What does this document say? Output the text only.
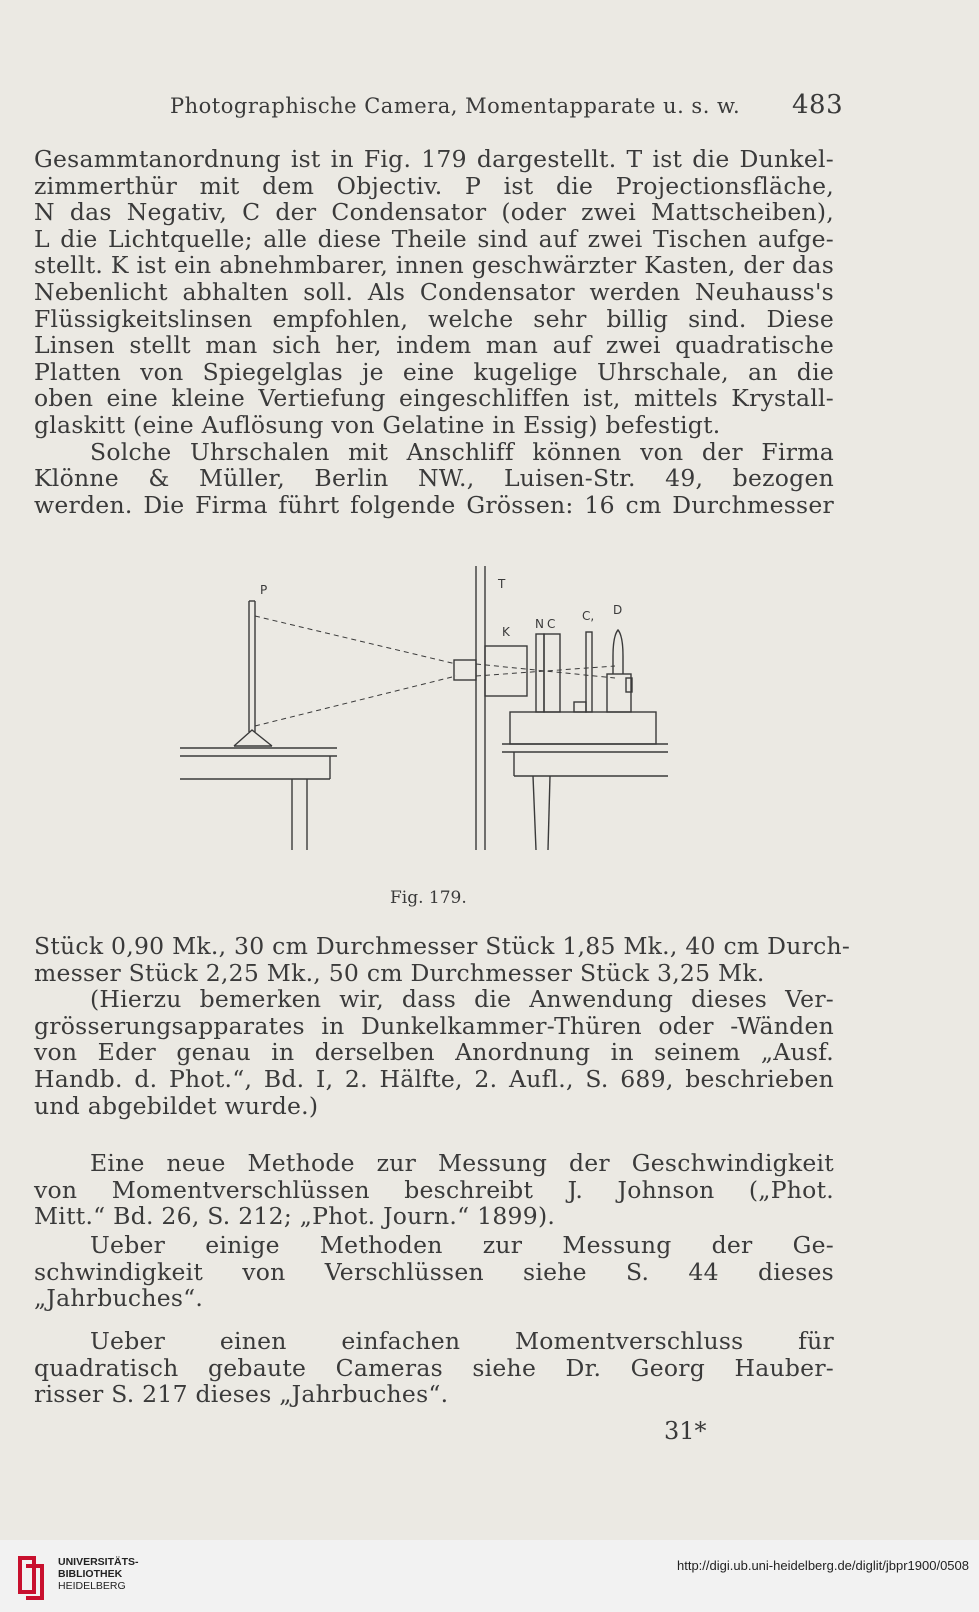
Photographische Camera, Momentapparate u. s. w. 483
Gesammtanordnung ist in Fig. 179 dargestellt. T ist die Dunkel-
zimmerthür mit dem Objectiv. P ist die Projectionsfläche,
N das Negativ, C der Condensator (oder zwei Mattscheiben),
L die Lichtquelle; alle diese Theile sind auf zwei Tischen aufge-
stellt. K ist ein abnehmbarer, innen geschwärzter Kasten, der das
Nebenlicht abhalten soll. Als Condensator werden Neuhauss's
Flüssigkeitslinsen empfohlen, welche sehr billig sind. Diese
Linsen stellt man sich her, indem man auf zwei quadratische
Platten von Spiegelglas je eine kugelige Uhrschale, an die
oben eine kleine Vertiefung eingeschliffen ist, mittels Krystall-
glaskitt (eine Auflösung von Gelatine in Essig) befestigt.
Solche Uhrschalen mit Anschliff können von der Firma
Klönne & Müller, Berlin NW., Luisen-Str. 49, bezogen
werden. Die Firma führt folgende Grössen: 16 cm Durchmesser
P	T
K
N C
C, D
Fig. 179.
Stück 0,90 Mk., 30 cm Durchmesser Stück 1,85 Mk., 40 cm Durch-
messer Stück 2,25 Mk., 50 cm Durchmesser Stück 3,25 Mk.
(Hierzu bemerken wir, dass die Anwendung dieses Ver-
grösserungsapparates in Dunkelkammer-Thüren oder -Wänden
von Eder genau in derselben Anordnung in seinem „Ausf.
Handb. d. Phot.“, Bd. I, 2. Hälfte, 2. Aufl., S. 689, beschrieben
und abgebildet wurde.)
Eine neue Methode zur Messung der Geschwindigkeit
von Momentverschlüssen beschreibt J. Johnson („Phot.
Mitt.“ Bd. 26, S. 212; „Phot. Journ.“ 1899).
Ueber einige Methoden zur Messung der Ge-
schwindigkeit von Verschlüssen siehe S. 44 dieses
„Jahrbuches“.
Ueber einen einfachen Momentverschluss für
quadratisch gebaute Cameras siehe Dr. Georg Hauber-
risser S. 217 dieses „Jahrbuches“.
31*
UNIVERSITÄTS-
BIBLIOTHEK
HEIDELBERG
http://digi.ub.uni-heidelberg.de/diglit/jbpr1900/0508
